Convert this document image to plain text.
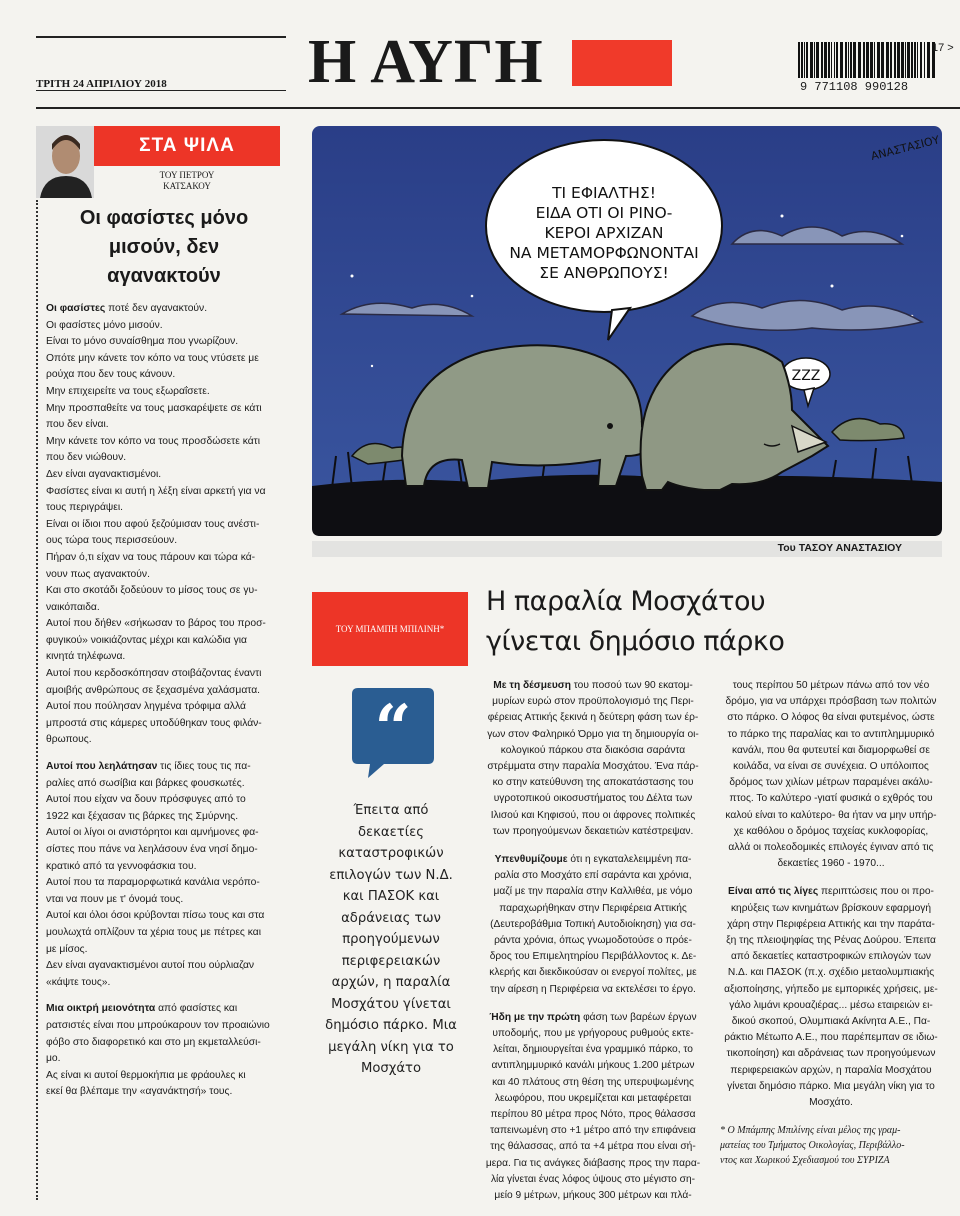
Η ΑΥΓΗ
ΤΡΙΤΗ 24 ΑΠΡΙΛΙΟΥ 2018	9 771108 990128
17 >
ΣΤΑ ΨΙΛΑ
ΤΟΥ ΠΕΤΡΟΥ
ΚΑΤΣΑΚΟΥ
Οι φασίστες μόνο
μισούν, δεν
αγανακτούν
Οι φασίστες ποτέ δεν αγανακτούν.
Οι φασίστες μόνο μισούν.
Είναι το μόνο συναίσθημα που γνωρίζουν.
Οπότε μην κάνετε τον κόπο να τους ντύσετε με
ρούχα που δεν τους κάνουν.
Μην επιχειρείτε να τους εξωραΐσετε.
Μην προσπαθείτε να τους μασκαρέψετε σε κάτι
που δεν είναι.
Μην κάνετε τον κόπο να τους προσδώσετε κάτι
που δεν νιώθουν.
Δεν είναι αγανακτισμένοι.
Φασίστες είναι κι αυτή η λέξη είναι αρκετή για να
τους περιγράψει.
Είναι οι ίδιοι που αφού ξεζούμισαν τους ανέστι-
ους τώρα τους περισσεύουν.
Πήραν ό,τι είχαν να τους πάρουν και τώρα κά-
νουν πως αγανακτούν.
Και στο σκοτάδι ξοδεύουν το μίσος τους σε γυ-
ναικόπαιδα.
Αυτοί που δήθεν «σήκωσαν το βάρος του προσ-
φυγικού» νοικιάζοντας μέχρι και καλώδια για
κινητά τηλέφωνα.
Αυτοί που κερδοσκόπησαν στοιβάζοντας έναντι
αμοιβής ανθρώπους σε ξεχασμένα χαλάσματα.
Αυτοί που πούλησαν ληγμένα τρόφιμα αλλά
μπροστά στις κάμερες υποδύθηκαν τους φιλάν-
θρωπους.
Αυτοί που λεηλάτησαν τις ίδιες τους τις πα-
ραλίες από σωσίβια και βάρκες φουσκωτές.
Αυτοί που είχαν να δουν πρόσφυγες από το
1922 και ξέχασαν τις βάρκες της Σμύρνης.
Αυτοί οι λίγοι οι ανιστόρητοι και αμνήμονες φα-
σίστες που πάνε να λεηλάσουν ένα νησί δημο-
κρατικό από τα γεννοφάσκια του.
Αυτοί που τα παραμορφωτικά κανάλια νερόπο-
νται να πουν με τ' όνομά τους.
Αυτοί και όλοι όσοι κρύβονται πίσω τους και στα
μουλωχτά οπλίζουν τα χέρια τους με πέτρες και
με μίσος.
Δεν είναι αγανακτισμένοι αυτοί που ούρλιαζαν
«κάψτε τους».
Μια οικτρή μειονότητα από φασίστες και
ρατσιστές είναι που μπρούκαρουν τον προαιώνιο
φόβο στο διαφορετικό και στο μη εκμεταλλεύσι-
μο.
Ας είναι κι αυτοί θερμοκήπια με φράουλες κι
εκεί θα βλέπαμε την «αγανάκτησή» τους.
ΤΙ ΕΦΙΑΛΤΗΣ!
ΕΙΔΑ ΟΤΙ ΟΙ ΡΙΝΟ-
ΚΕΡΟΙ ΑΡΧΙΖΑΝ
ΝΑ ΜΕΤΑΜΟΡΦΩΝΟΝΤΑΙ
ΣΕ ΑΝΘΡΩΠΟΥΣ!
ZZZ
ΑΝΑΣΤΑΣΙΟΥ
Του ΤΑΣΟΥ ΑΝΑΣΤΑΣΙΟΥ
ΤΟΥ ΜΠΑΜΠΗ ΜΠΙΛΙΝΗ*
Η παραλία Μοσχάτου
γίνεται δημόσιο πάρκο
“
Έπειτα από
δεκαετίες
καταστροφικών
επιλογών των Ν.Δ.
και ΠΑΣΟΚ και
αδράνειας των
προηγούμενων
περιφερειακών
αρχών, η παραλία
Μοσχάτου γίνεται
δημόσιο πάρκο. Μια
μεγάλη νίκη για το
Μοσχάτο
Με τη δέσμευση του ποσού των 90 εκατομ-
μυρίων ευρώ στον προϋπολογισμό της Περι-
φέρειας Αττικής ξεκινά η δεύτερη φάση των έρ-
γων στον Φαληρικό Όρμο για τη δημιουργία οι-
κολογικού πάρκου στα διακόσια σαράντα
στρέμματα στην παραλία Μοσχάτου. Ένα πάρ-
κο στην κατεύθυνση της αποκατάστασης του
υγροτοπικού οικοσυστήματος του Δέλτα των
Ιλισού και Κηφισού, που οι άφρονες πολιτικές
των προηγούμενων δεκαετιών κατέστρεψαν.
Υπενθυμίζουμε ότι η εγκαταλελειμμένη πα-
ραλία στο Μοσχάτο επί σαράντα και χρόνια,
μαζί με την παραλία στην Καλλιθέα, με νόμο
παραχωρήθηκαν στην Περιφέρεια Αττικής
(Δευτεροβάθμια Τοπική Αυτοδιοίκηση) για σα-
ράντα χρόνια, όπως γνωμοδοτούσε ο πρόε-
δρος του Επιμελητηρίου Περιβάλλοντος κ. Δε-
κλερής και διεκδικούσαν οι ενεργοί πολίτες, με
την αίρεση η Περιφέρεια να εκτελέσει το έργο.
Ήδη με την πρώτη φάση των βαρέων έργων
υποδομής, που με γρήγορους ρυθμούς εκτε-
λείται, δημιουργείται ένα γραμμικό πάρκο, το
αντιπλημμυρικό κανάλι μήκους 1.200 μέτρων
και 40 πλάτους στη θέση της υπερυψωμένης
λεωφόρου, που υκρεμίζεται και μεταφέρεται
περίπου 80 μέτρα προς Νότο, προς θάλασσα
ταπεινωμένη στο +1 μέτρο από την επιφάνεια
της θάλασσας, από τα +4 μέτρα που είναι σή-
μερα. Για τις ανάγκες διάβασης προς την παρα-
λία γίνεται ένας λόφος ύψους στο μέγιστο ση-
μείο 9 μέτρων, μήκους 300 μέτρων και πλά-
τους περίπου 50 μέτρων πάνω από τον νέο
δρόμο, για να υπάρχει πρόσβαση των πολιτών
στο πάρκο. Ο λόφος θα είναι φυτεμένος, ώστε
το πάρκο της παραλίας και το αντιπλημμυρικό
κανάλι, που θα φυτευτεί και διαμορφωθεί σε
κοιλάδα, να είναι σε συνέχεια. Ο υπόλοιπος
δρόμος των χιλίων μέτρων παραμένει ακάλυ-
πτος. Το καλύτερο -γιατί φυσικά ο εχθρός του
καλού είναι το καλύτερο- θα ήταν να μην υπήρ-
χε καθόλου ο δρόμος ταχείας κυκλοφορίας,
αλλά οι πολεοδομικές επιλογές έγιναν από τις
δεκαετίες 1960 - 1970...
Είναι από τις λίγες περιπτώσεις που οι προ-
κηρύξεις των κινημάτων βρίσκουν εφαρμογή
χάρη στην Περιφέρεια Αττικής και την παράτα-
ξη της πλειοψηφίας της Ρένας Δούρου. Έπειτα
από δεκαετίες καταστροφικών επιλογών των
Ν.Δ. και ΠΑΣΟΚ (π.χ. σχέδιο μεταολυμπιακής
αξιοποίησης, γήπεδο με εμπορικές χρήσεις, με-
γάλο λιμάνι κρουαζιέρας... μέσω εταιρειών ει-
δικού σκοπού, Ολυμπιακά Ακίνητα Α.Ε., Πα-
ράκτιο Μέτωπο Α.Ε., που παρέπεμπαν σε ιδιω-
τικοποίηση) και αδράνειας των προηγούμενων
περιφερειακών αρχών, η παραλία Μοσχάτου
γίνεται δημόσιο πάρκο. Μια μεγάλη νίκη για το
Μοσχάτο.
* Ο Μπάμπης Μπιλίνης είναι μέλος της γραμ-
ματείας του Τμήματος Οικολογίας, Περιβάλλο-
ντος και Χωρικού Σχεδιασμού του ΣΥΡΙΖΑ
